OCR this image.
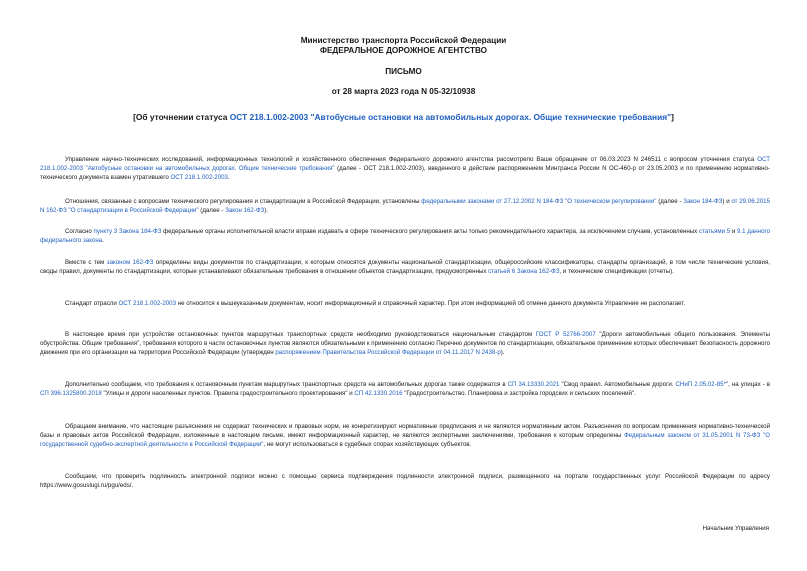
Министерство транспорта Российской Федерации
ФЕДЕРАЛЬНОЕ ДОРОЖНОЕ АГЕНТСТВО
ПИСЬМО
от 28 марта 2023 года N 05-32/10938
[Об уточнении статуса ОСТ 218.1.002-2003 "Автобусные остановки на автомобильных дорогах. Общие технические требования"]

Управление научно-технических исследований, информационных технологий и хозяйственного обеспечения Федерального дорожного агентства рассмотрело Ваше обращение от 06.03.2023 N 246511 с вопросом уточнения статуса ОСТ 218.1.002-2003 "Автобусные остановки на автомобильных дорогах. Общие технические требования" (далее - ОСТ 218.1.002-2003), введенного в действие распоряжением Минтранса России N ОС-460-р от 23.05.2003 и по применению нормативно-технического документа взамен утратившего ОСТ 218.1.002-2003.

Отношения, связанные с вопросами технического регулирования и стандартизации в Российской Федерации, установлены федеральными законами от 27.12.2002 N 184-ФЗ "О техническом регулировании" (далее - Закон 184-ФЗ) и от 29.06.2015 N 162-ФЗ "О стандартизации в Российской Федерации" (далее - Закон 162-ФЗ).

Согласно пункту 3 Закона 184-ФЗ федеральные органы исполнительной власти вправе издавать в сфере технического регулирования акты только рекомендательного характера, за исключением случаев, установленных статьями 5 и 9.1 данного федерального закона.

Вместе с тем законом 162-ФЗ определены виды документов по стандартизации, к которым относятся документы национальной стандартизации, общероссийские классификаторы, стандарты организаций, в том числе технические условия, своды правил, документы по стандартизации, которые устанавливают обязательные требования в отношении объектов стандартизации, предусмотренных статьей 6 Закона 162-ФЗ, и технические спецификации (отчеты).

Стандарт отрасли ОСТ 218.1.002-2003 не относится к вышеуказанным документам, носит информационный и справочный характер. При этом информацией об отмене данного документа Управление не располагает.

В настоящее время при устройстве остановочных пунктов маршрутных транспортных средств необходимо руководствоваться национальным стандартом ГОСТ Р 52766-2007 "Дороги автомобильные общего пользования. Элементы обустройства. Общие требования", требования которого в части остановочных пунктов являются обязательными к применению согласно Перечню документов по стандартизации, обязательное применение которых обеспечивает безопасность дорожного движения при его организации на территории Российской Федерации (утвержден распоряжением Правительства Российской Федерации от 04.11.2017 N 2438-р).

Дополнительно сообщаем, что требования к остановочным пунктам маршрутных транспортных средств на автомобильных дорогах также содержатся в СП 34.13330.2021 "Свод правил. Автомобильные дороги. СНиП 2.05.02-85*", на улицах - в СП 396.1325800.2018 "Улицы и дороги населенных пунктов. Правила градостроительного проектирования" и СП 42.1330.2016 "Градостроительство. Планировка и застройка городских и сельских поселений".

Обращаем внимание, что настоящие разъяснения не содержат технических и правовых норм, не конкретизируют нормативные предписания и не являются нормативным актом. Разъяснения по вопросам применения нормативно-технической базы и правовых актов Российской Федерации, изложенные в настоящем письме, имеют информационный характер, не являются экспертными заключениями, требования к которым определены Федеральным законом от 31.05.2001 N 73-ФЗ "О государственной судебно-экспертной деятельности в Российской Федерации", не могут использоваться в судебных спорах хозяйствующих субъектов.

Сообщаем, что проверить подлинность электронной подписи можно с помощью сервиса подтверждения подлинности электронной подписи, размещенного на портале государственных услуг Российской Федерации по адресу https://www.gosuslugi.ru/pgu/eds/.

Начальник Управления
